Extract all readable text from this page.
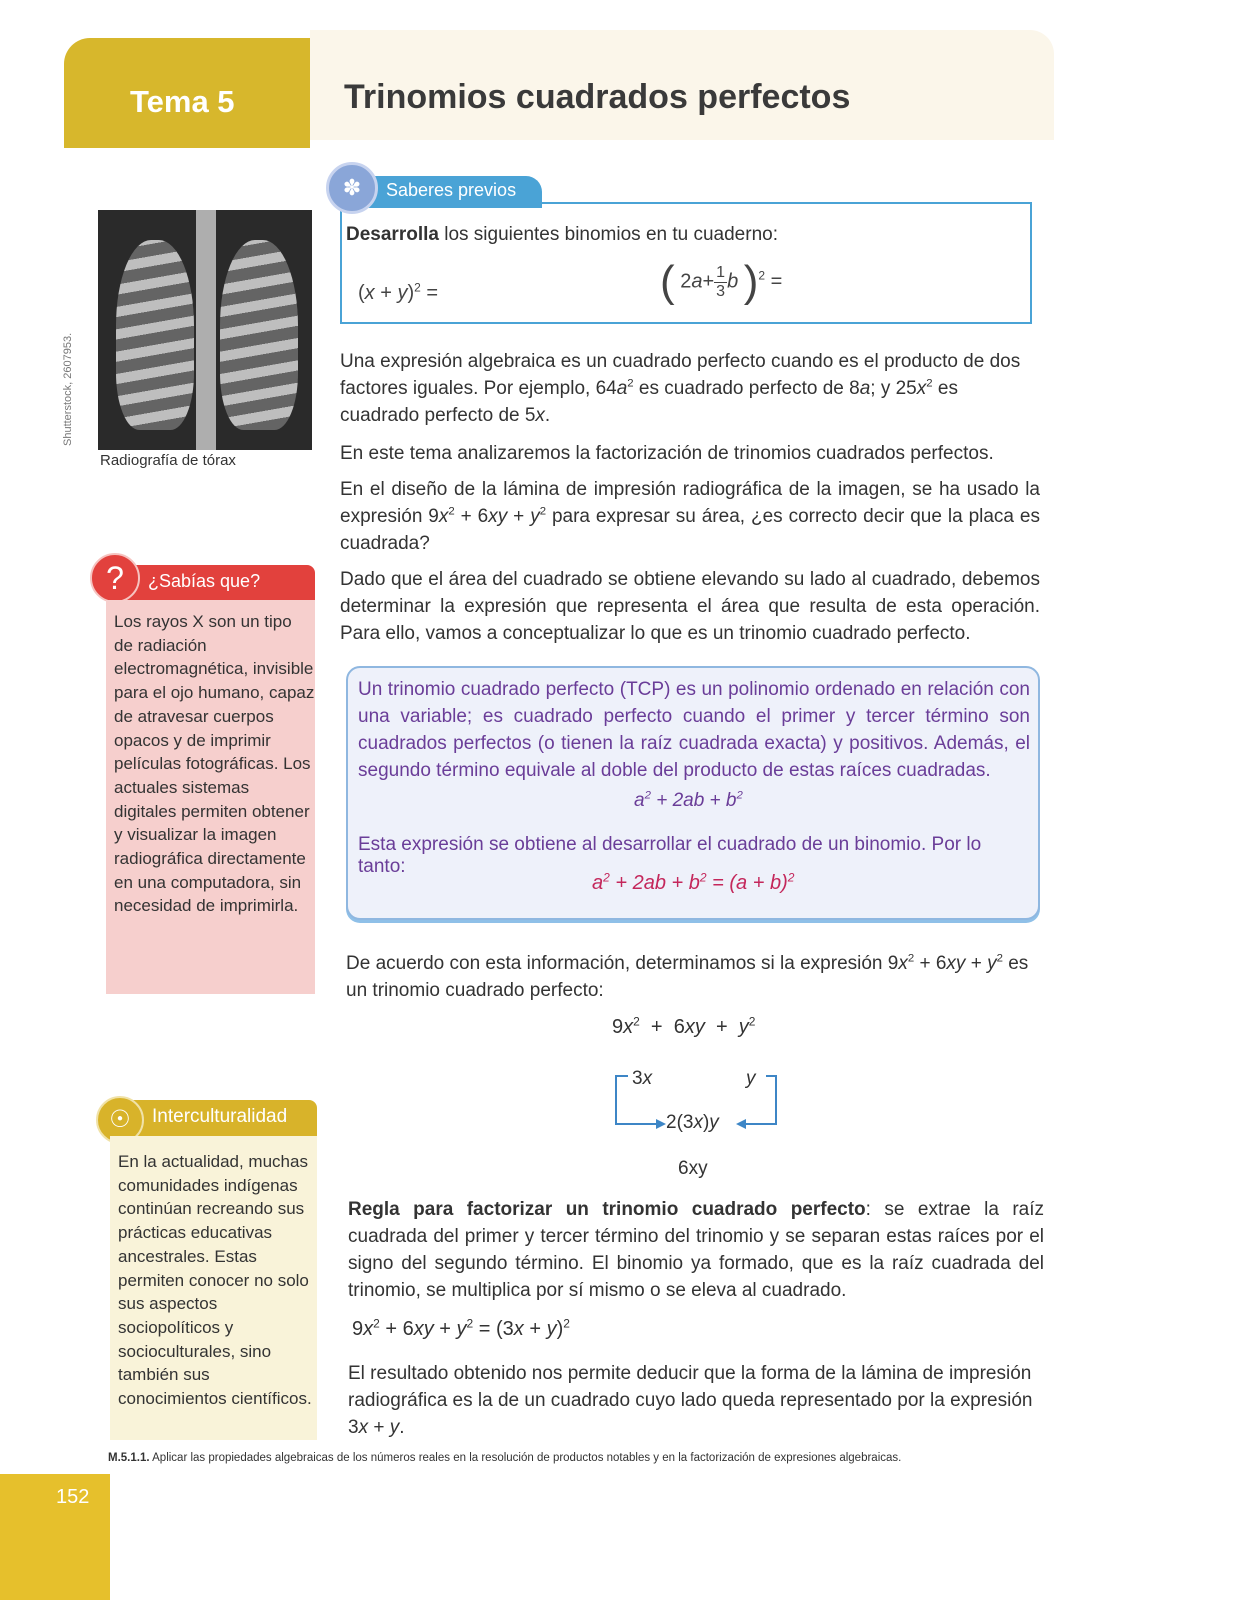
Tema 5	Trinomios cuadrados perfectos
Shutterstock, 2607953.
Radiografía de tórax
¿Sabías que?
?

Los rayos X son un tipo de radiación electromagnética, invisible para el ojo humano, capaz de atravesar cuerpos opacos y de imprimir películas fotográficas. Los actuales sistemas digitales permiten obtener y visualizar la imagen radiográfica directamente en una computadora, sin necesidad de imprimirla.

Interculturalidad
☉

En la actualidad, muchas comunidades indígenas continúan recreando sus prácticas educativas ancestrales. Estas permiten conocer no solo sus aspectos sociopolíticos y socioculturales, sino también sus conocimientos científicos.

Saberes previos
✽
Desarrolla los siguientes binomios en tu cuaderno:
$(x + y)^2$ =	( $2a+ \frac{1}{3}b$ )$^2$ =
Una expresión algebraica es un cuadrado perfecto cuando es el producto de dos factores iguales. Por ejemplo, $64a^2$ es cuadrado perfecto de 8a; y $25x^2$ es cuadrado perfecto de 5x.
En este tema analizaremos la factorización de trinomios cuadrados perfectos.
En el diseño de la lámina de impresión radiográfica de la imagen, se ha usado la expresión $9x^2 + 6xy + y^2$ para expresar su área, ¿es correcto decir que la placa es cuadrada?
Dado que el área del cuadrado se obtiene elevando su lado al cuadrado, debemos determinar la expresión que representa el área que resulta de esta operación. Para ello, vamos a conceptualizar lo que es un trinomio cuadrado perfecto.
Un trinomio cuadrado perfecto (TCP) es un polinomio ordenado en relación con una variable; es cuadrado perfecto cuando el primer y tercer término son cuadrados perfectos (o tienen la raíz cuadrada exacta) y positivos. Además, el segundo término equivale al doble del producto de estas raíces cuadradas.
$a^2 + 2ab + b^2$
Esta expresión se obtiene al desarrollar el cuadrado de un binomio. Por lo tanto:
$a^2 + 2ab + b^2 = (a + b)^2$
De acuerdo con esta información, determinamos si la expresión $9x^2 + 6xy + y^2$ es un trinomio cuadrado perfecto:
$9x^2 + 6xy + y^2$
3x	y
2(3x)y
6xy
Regla para factorizar un trinomio cuadrado perfecto: se extrae la raíz cuadrada del primer y tercer término del trinomio y se separan estas raíces por el signo del segundo término. El binomio ya formado, que es la raíz cuadrada del trinomio, se multiplica por sí mismo o se eleva al cuadrado.
$9x^2 + 6xy + y^2 = (3x + y)^2$
El resultado obtenido nos permite deducir que la forma de la lámina de impresión radiográfica es la de un cuadrado cuyo lado queda representado por la expresión 3x + y.
M.5.1.1. Aplicar las propiedades algebraicas de los números reales en la resolución de productos notables y en la factorización de expresiones algebraicas.
152
